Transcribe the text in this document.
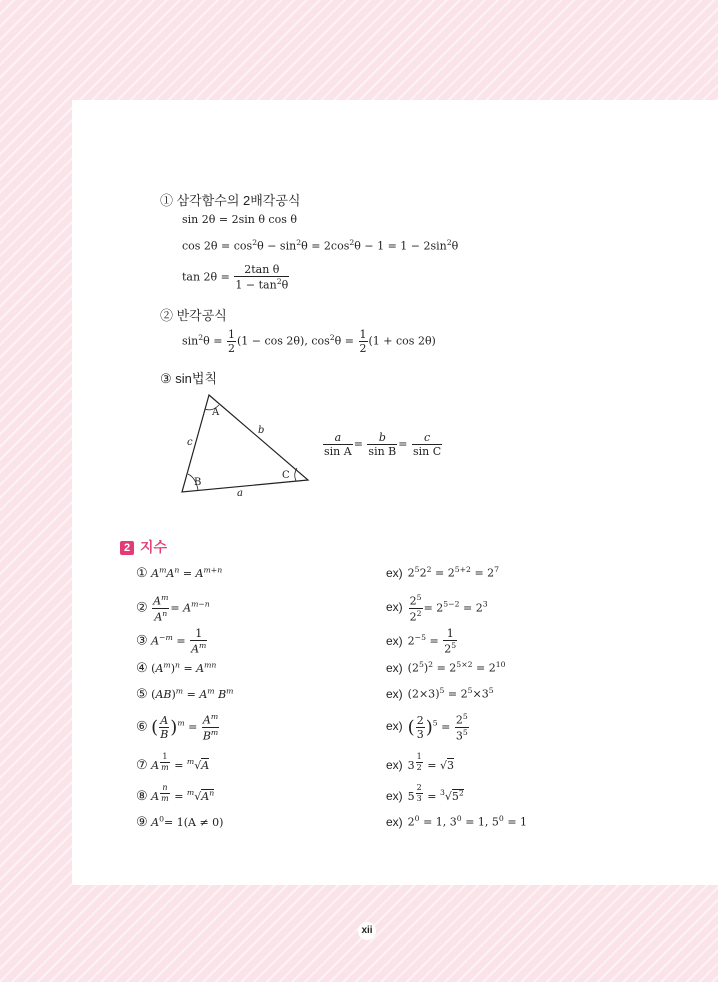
① 삼각함수의 2배각공식
sin 2θ = 2sin θ cos θ
$\cos 2\theta = \cos^2\theta - \sin^2\theta = 2\cos^2\theta - 1 = 1 - 2\sin^2\theta$
$\tan 2\theta = \frac{\text{2tan θ}}{1 - \tan^2\theta}$
② 반각공식
$\sin^2\theta = \frac{1}{2} (1 - \cos 2\theta)$, $\cos^2\theta = \frac{1}{2} (1 + \cos 2\theta)$
③ sin법칙
A
B
C
a
b
c	$\frac{a}{\text{sin A}} = \frac{b}{\text{sin B}} = \frac{c}{\text{sin C}}$
2 지수
① $A^mA^n = A^{m+n}$	ex) $2^52^2 = 2^{5+2} = 2^7$
② $\frac{A^m}{A^n} = A^{m-n}$	$ex) \frac{2^5}{2^2} = 2^{5-2} = 2^3$
③ $A^{-m} = \frac{1}{A^m}$	ex) $2^{-5} = \frac{1}{2^5}$
④ $(A^m)^n = A^{mn}$	ex) $(2^5)^2 = 2^{5\times 2} = 2^{10}$
⑤ $(AB)^m = A^m$ $B^m$	ex) $(2\times 3)^5 = 2^5\times 3^5$
⑥ ( $\frac{A}{B} )^m = \frac{A^m}{B^m}$	ex) ( $\frac{2}{3} )^5 = \frac{2^5}{3^5}$
⑦ A $^{\frac{1}{m}}$ = $^m$√A	ex) 3 $^{\frac{1}{2}}$ = √3
⑧ A $^{\frac{n}{m}} = ^m√A^n$	ex) 5 $^{\frac{2}{3}} = ^3√5^2$
⑨ $A^0= 1(A \ne 0)$	ex) $2^0 = 1$, $3^0 = 1$, $5^0 = 1$
xii
